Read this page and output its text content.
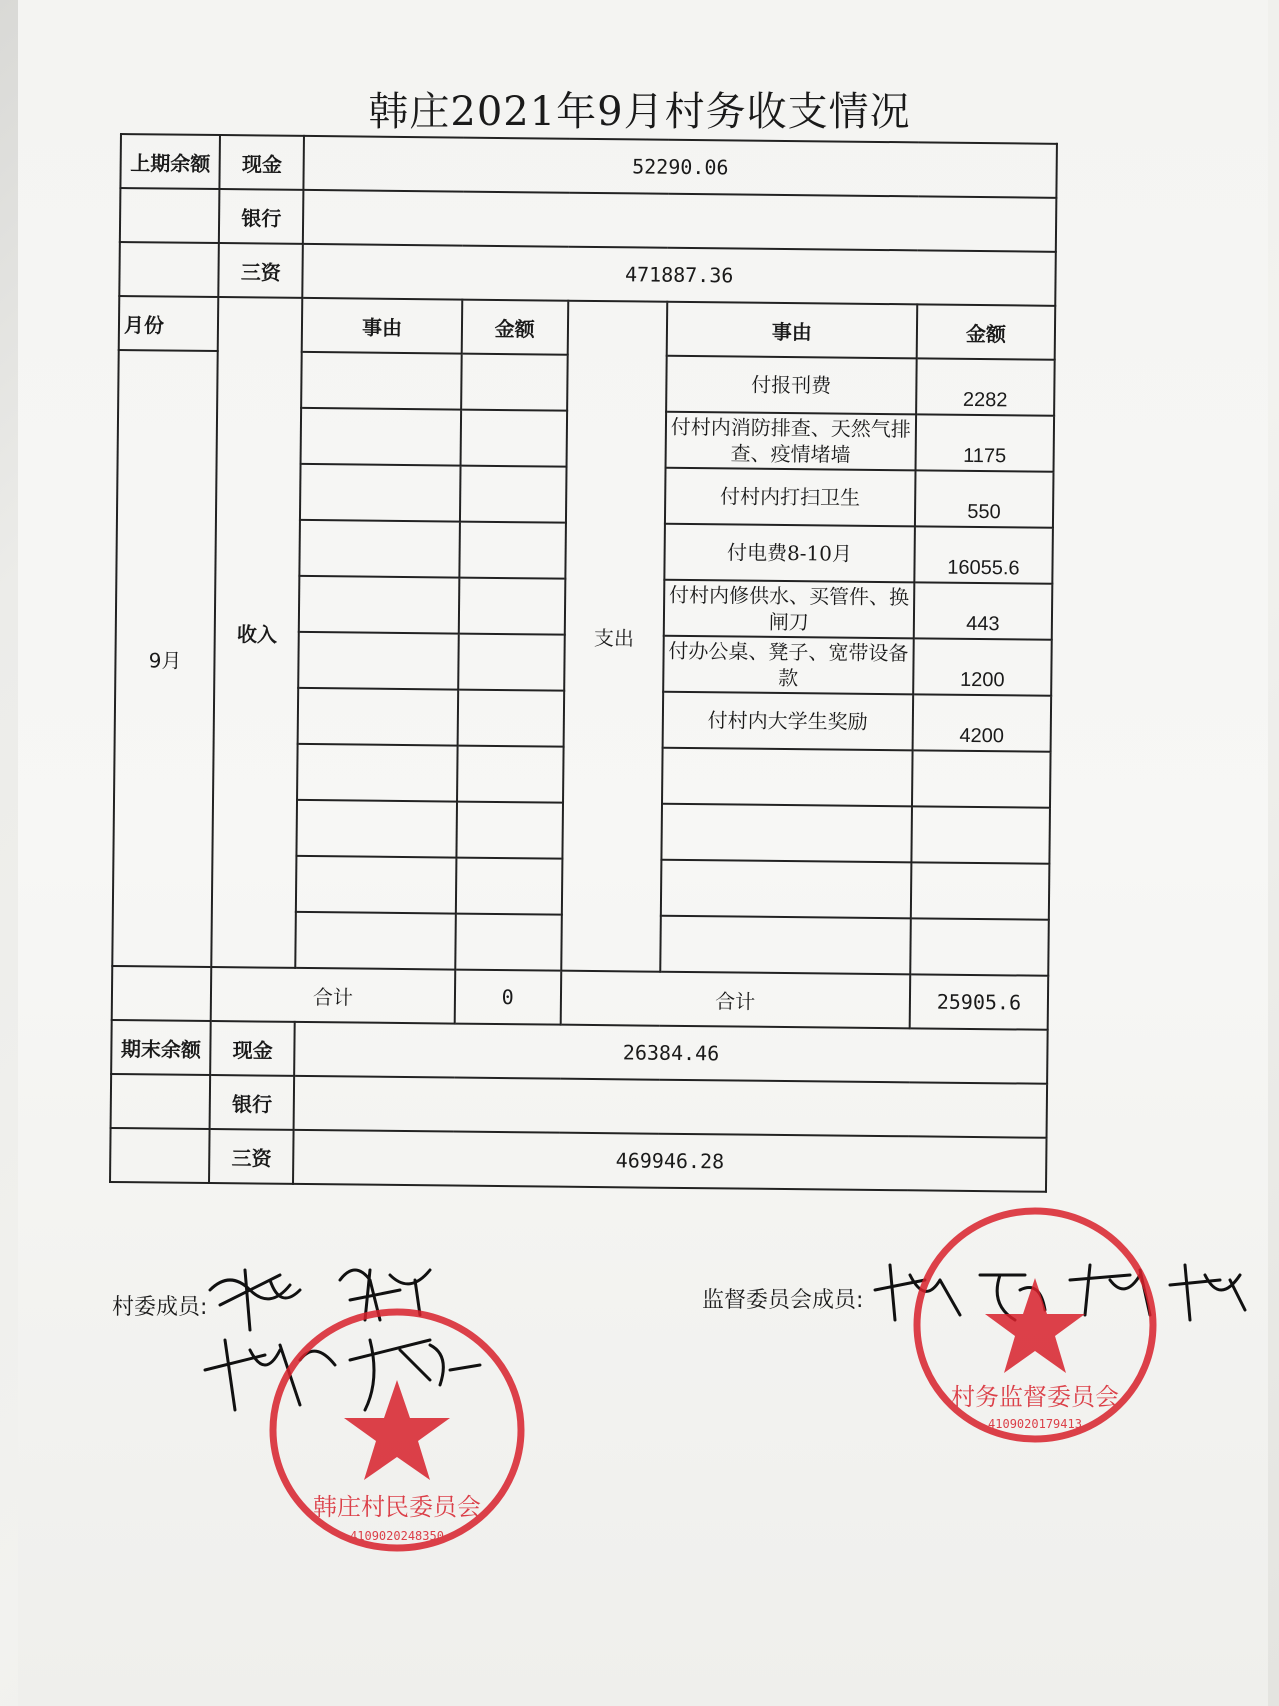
韩庄2021年9月村务收支情况
上期余额	现金	52290.06				
	银行					
	三资	471887.36				
月份	收入	事由	金额	支出	事由	金额
9月					付报刊费	2282
					付村内消防排查、天然气排查、疫情堵墙	1175
					付村内打扫卫生	550
					付电费8-10月	16055.6
					付村内修供水、买管件、换闸刀	443
					付办公桌、凳子、宽带设备款	1200
					付村内大学生奖励	4200

	合计		0	合计		25905.6
期末余额	现金	26384.46				
	银行					
	三资	469946.28				
村委成员:	监督委员会成员:
韩庄村民委员会
4109020248350
村务监督委员会
4109020179413
